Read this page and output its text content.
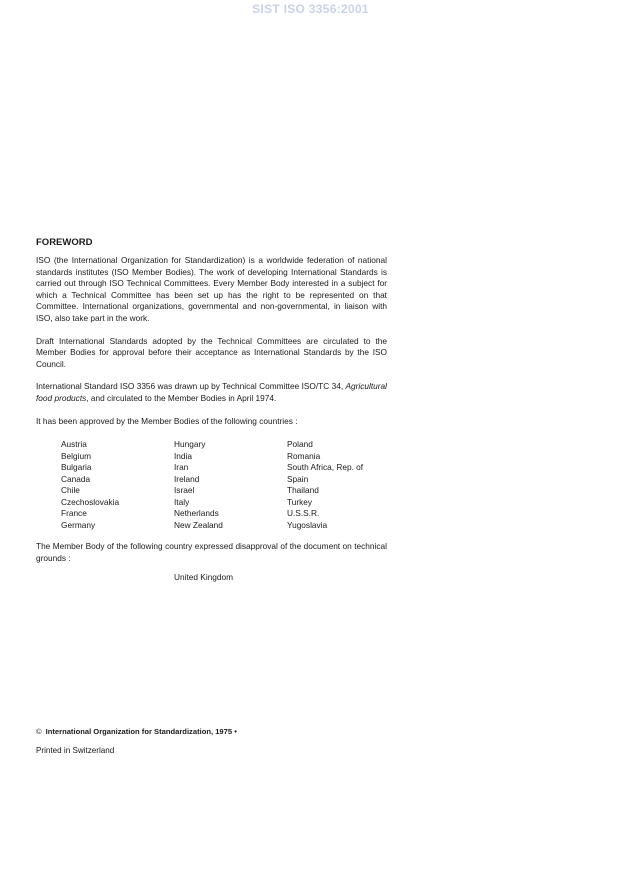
SIST ISO 3356:2001
FOREWORD

ISO (the International Organization for Standardization) is a worldwide federation of national standards institutes (ISO Member Bodies). The work of developing International Standards is carried out through ISO Technical Committees. Every Member Body interested in a subject for which a Technical Committee has been set up has the right to be represented on that Committee. International organizations, governmental and non-governmental, in liaison with ISO, also take part in the work.

Draft International Standards adopted by the Technical Committees are circulated to the Member Bodies for approval before their acceptance as International Standards by the ISO Council.

International Standard ISO 3356 was drawn up by Technical Committee ISO/TC 34, Agricultural food products, and circulated to the Member Bodies in April 1974.

It has been approved by the Member Bodies of the following countries :

Austria
Belgium
Bulgaria
Canada
Chile
Czechoslovakia
France
Germany
Hungary
India
Iran
Ireland
Israel
Italy
Netherlands
New Zealand
Poland
Romania
South Africa, Rep. of
Spain
Thailand
Turkey
U.S.S.R.
Yugoslavia

The Member Body of the following country expressed disapproval of the document on technical grounds :

United Kingdom
© International Organization for Standardization, 1975 •
Printed in Switzerland
